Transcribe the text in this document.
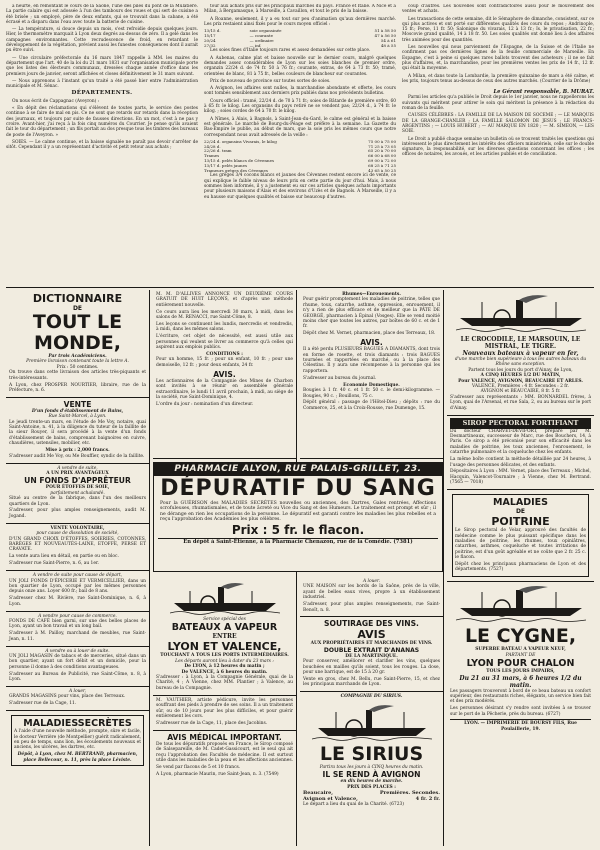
à heurté, en remontant le cours de la Saône, l'une des piles du pont de la Mulatière. La partie calaire qui est adossée à l'un des tambours des roues et qui sert de cuisine a été brisée ; un employé, père de deux enfants, qui se trouvait dans la cabane, a été écrasé et a disparu dans l'eau avec toute la batterie de cuisine.

— La température, si douce depuis un mois, s'est refroidie depuis quelques jours. Hier, le thermomètre marquait à Lyon deux degrés au-dessus de zéro. Il a gelé dans les campagnes environnantes. Cette recrudescence de froid, en retardant le développement de la végétation, prévient aussi les funestes conséquences dont il aurait pu être suivi.

— Une circulaire préfectorale du 16 mars 1847 rappelle à MM. les maires du département que l'art. 40 de la loi du 21 mars 1831 sur l'organisation municipale porte que les listes des électeurs communaux, dressées chaque année d'office dans les premiers jours de janvier, seront affichées et closes définitivement le 31 mars suivant.

— Nous apprenons à l'instant qu'un traité a été passé hier entre l'administration municipale et M. Sénac.

DÉPARTEMENTS.

On nous écrit de Cappagnac (Aveyron) :

« En dépit des réclamations qui s'élèvent de toutes parts, le service des postes continue à se faire de mal en pis. Ce ne sont que retards sur retards dans la réception des journaux, et toujours par suite de fausses directions. En un mot, c'est à ne pas y croire. Avant-hier, j'ai reçu à la fois cinq numéros du Courrier. Je pense qu'ils avaient fait le tour du département ; un fils portait au dos presque tous les timbres des bureaux de poste de l'Aveyron. »

SOIES. — Le calme continue, et la baisse signalée ne paraît pas devoir s'arrêter de sitôt. Cependant il y a un représentant d'activité et petit retour aux achats ;

tour aux achats pris sur les principaux marchés du pays. France et Italie. A Nice et à Milan, à Bergamasque, à Marseille, à Cavaillon, et tout le pris de la baisse.

A Roanne, seulement, il y a eu tout sur peu d'animation qu'aux dernières marché. Les prix restaient ainsi fixés pour le cours moyen officiel :

13/15 d.	soie organsinée	51 à 58 50
15/17	— courante	47 à 56 50
20/24	— ordinaire	54 à 61
27/32	— inf.	48 à 55

Les soies fines d'Italie toujours rares et assez demandées sur cette place.

A Aubenas, calme plat et baisse nouvelle sur le dernier cours, malgré quelques demandes assez considérables de Lyon sur les soies blanches de premier ordre, organzin 22/24 d. de 74 fr. 50 à 76 fr.; courante, extras, de 64 à 73 fr. 50; tramé, orientées de blanc, 81 à 75 fr., belles couleurs de blancheur sur courantes.

Prix de nouveau de province sur toutes sortes de soies.

A Avignon, les affaires sont nulles, la marchandise abondante et offerte, les cours sont tombés sensiblement aux derniers prix publiés dans nos précédents bulletins.

Cours officiel : tramé, 22/24 d. de 70 à 71 fr.; soies de Bâtarde de première ordre, 60 à 65 fr. le kilog. Les organsins du pays retiré ne se vendent pas; 22/24 d., à 74 fr. le kilog. ; soies cordes de 64 à 70 fr. le kilog.

A Nîmes, à Alais, à Bagnols, à Saint-Jean-du-Gard, le calme est général et la baisse est générale. Le marché de Bourg-du-Péage est préfère à la semaine. La Gazette du Bas-Empire le publie, au début de mars, que la soie pris les mêmes cours que notre correspondant nous avait adressés de la veille :

22/24 d. organsins Vivarais, le kilog	75 00 à 75 00
24/28 d.	71 25 à 73 05
22/26 d. tram	65 20 à 70 00
Trames	66 00 à 68 00
13/15 d. pelés blancs de Cévennes	69 00 à 72 00
13/17 d. pelés jaunes	68 25 à 71 25
Trameurs grèges des Cévennes	43 65 à 50 25

Les grèges 3/4 cocons blancs et jaunes des Cévennes restent encore ici de vente, ce qui explique le faible niveau de leurs prix en cette partie du jour d'hui. Mais, à nous sommes bien informés, il y a justement eu sur ces articles quelques achats importants pour plusieurs maisons d'Alais et des environs d'Uzès et de Bagnols. A Marseille, il y a eu hausse sur quelques qualités et baisse sur beaucoup d'autres.

coup d'autres. Les nouvelles sont contradictoires aussi pour le mouvement des ventes et achats.

Les transactions de cette semaine, dit le Sémaphore de dimanche, consistent, sur ce qui plus actives et ont porté sur différentes qualités des cours du repos ; Andrinople, 15 fr.; Perse, 11 fr. 50; Salonique du vivarais, 12 à 13 fr.; Is, le privatisation, 22 fr.; Moscovie grand qualité, 14 à 18 fr. 50. Les soies qualités ont donné lieu à des affaires très animées pour des quantités.

Les nouvelles qui nous parviennent de l'Espagne, de la Suisse et de l'Italie ne confirment pas ces dernières lignes de la feuille commerciale de Marseille. En Espagne, c'est à peine si quelques rares ballots trouvent des acheteurs ; il ne se fait plus d'affaires, et, la marchandise, pour les premières ventes les prix de 14 fr., 12 fr. qui était la moyenne.

A Milan, et dans toute la Lombardie, la première quinzaine de mars a été calme, et les prix, toujours tenus au-dessus de ceux des autres marchés. (Courrier de la Drôme)

Le Gérant responsable, B. MURAT.

Parmi les articles qu'a publiés le Droit depuis le 1er janvier, nous ne rappellerons les suivants qui méritent pour attirer le soin qui méritent la présence à la rédaction du roman de la feuille.

CAUSES CÉLÈBRES : LA FAMILLE DE LA MAISON DE SOCEME ; — LE MARQUIS DE LA GRANGE-CHANLER ; LA FAMILLE SALOMON DE JESUS ; LE FRANCS-ARGENTINS ; — LOUIS HUBERT ; — AU MARQUE EN 1820 ; — M. SIMEON, — LES SOIE.

Le Droit a publié chaque semaine un bulletin où se trouvent traités les questions qui intéressent le plus directement les intérêts des officiers ministériels, celle sur le double signature, la responsabilité, sur les diverses questions concernant les offices ; les offices de notaires, les avoués, et les articles publiés et de conciliation.

DICTIONNAIRE
DE
TOUT LE MONDE,
Par trois Académiciens.
Première livraison contenant toute la lettre A.
Prix : 50 centimes.

On trouve dans cette livraison des articles très-piquants et très-intéressants.

A Lyon, chez PROSPER NOURTIER, libraire, rue de la Préfecture, n. 6.

VENTE
D'un fonds d'établissement de Bains,
Rue Saint-Marcel, à Lyon.

Le jeudi trente-un mars, en l'étude de Me Voy, notaire, quai Saint-Antoine, n. 41, à la diligence du tuteur de la faillite de la sieur Rouyer, il sera procédé à la vente d'un fonds d'établissement de bains, comprenant baignoires en cuivre, chaudières, ustensiles, mobilier, etc.

Mise à prix : 2,000 francs.

S'adresser audit Me Voy, ou Me Bouffier, syndic de la faillite.

A vendre de suite,
A UN PRIX AVANTAGEUX
UN FONDS D'APPRÊTEUR
POUR ÉTOFFES DE SOIE,
parfaitement achalandé.

Situé au centre de la fabrique, dans l'un des meilleurs quartiers de Lyon.

S'adresser, pour plus amples renseignements, audit M. Jogand.

VENTE VOLONTAIRE,
pour cause de dissolution de société,

D'UN GRAND CHOIX D'ÉTOFFES, SOIERIES, COTONNES, BARÈGES ET NOUVEAUTÉS-LAINE, ETOFFE, PERSE ET CRAVATE.

La vente aura lieu en détail, en partie ou en bloc.

S'adresser rue Saint-Pierre, n. 6, au 1er.

A vendre de suite pour cause de départ,

UN JOLI FONDS D'ÉPICERIE ET VERMICELLIER, dans un bon quartier de Lyon, occupé par les mêmes personnes depuis onze ans. Loyer 600 fr.; bail de 8 ans.

S'adresser chez M. Rivière, rue Saint-Dominique, n. 6, à Lyon.

A vendre pour cause de commerce.

FONDS DE CAFÉ bien garni, sur une des belles places de Lyon, ayant un bon travail et un long bail.

S'adresser à M. Pailloy, marchand de meubles, rue Saint-Jean, n. 11.

A vendre ou à louer de suite.

UN JOLI MAGASIN de tabacs et de merceries, situé dans un bon quartier, ayant un fort débit et un domicile, pour la personne il donne à des conditions avantageuses.

S'adresser au Bureau de Publicité, rue Saint-Côme, n. 8, à Lyon.

A louer,

GRANDS MAGASINS pour vins, place des Terreaux.

S'adresser rue de la Cage, 11.

MALADIESSECRÈTES

A l'aide d'une nouvelle méthode, prompte, sûre et facile, le docteur Verrière (de Montpellier) guérit radicalement, en peu de temps, sans lion, les écoulements nouveaux et anciens, les ulcères, les dartres, etc.

Dépôt, à Lyon, chez M. BERTRAND, pharmacien, place Bellecour, n. 11, près la place Léviste.

M. M. D'ALLIVES ANNONCE UN DEUXIÈME COURS GRATUIT DE HUIT LEÇONS, et d'après une méthode entièrement nouvelle.

Ce cours aura lieu les mercredi 30 mars, à midi, dans les salons de M. RENACCI, rue Saint-Côme, 8.

Les leçons se continuent les lundis, mercredis et vendredis, à midi, dans les mêmes salons.

L'écriture, cet objet de nécessité, est aussi utile aux personnes qui veulent se livrer au commerce qu'à celles qui aspirent aux emplois publics.

CONDITIONS :

Pour un homme, 15 fr. ; pour un enfant, 10 fr. ; pour une demoiselle, 12 fr. ; pour deux enfants, 24 fr.

AVIS.

Les actionnaires de la Compagnie des Mines de Charbon sont invités à se réunir en assemblée générale extraordinaire, le lundi 11 avril prochain, à midi, au siège de la société, rue Saint-Dominique, 4.

L'ordre du jour : nomination d'un directeur.

Service spécial des
BATEAUX A VAPEUR
ENTRE
LYON ET VALENCE,
TOUCHANT A TOUS LES PORTS INTERMÉDIAIRES.
Les départs auront lieu à dater du 23 mars :
De LYON, à 12 heures du matin ;
De VALENCE, à 6 heures du matin.

S'adresser : à Lyon, à la Compagnie Générale, quai de la Charité, 4 ; A Vienne, chez MM. Plantier ; à Valence, au bureau de la Compagnie.

M. VAUTHIER, artiste pédicure, invite les personnes souffrant des pieds à prendre de ses soins. Il a un traitement sûr, ou de 10 jours pour les plus difficiles, et pour guérir entièrement les cors.

S'adresser rue de la Cage, 11, place des Jacobins.

AVIS MÉDICAL IMPORTANT.

De tous les dépuratifs proposés en France, le Sirop composé de Salsepareille, de M. Cadet-Gassicourt, est le seul qui ait reçu l'approbation des Facultés de médecine. Il est surtout utile dans les maladies de la peau et les affections anciennes.

Se vend par flacons de 5 et 10 francs.

A Lyon, pharmacie Maurin, rue Saint-Jean, n. 3. (7549)

Rhumes—Enrouements.

Pour guérir promptement les maladies de poitrine, telles que rhume, toux, catarrhe, asthme, oppression, enrouement, il n'y a rien de plus efficace et de meilleur que la PÂTE DE GEORGÉ, pharmacien à Épinal (Vosges). Elle se vend moitié moins cher que toutes les autres, par boîtes de 60 c. et de 1 fr.

Dépôt chez M. Vernet, pharmacien, place des Terreaux, 18.

AVIS.

Il a été perdu PLUSIEURS BAGUES A DIAMANTS, dont trois en forme de rosette, et trois diamants : trois BAGUES tournées et rapportées en marché, ou à la place des Célestins. Il y aura une récompense à la personne qui les rapportera.

S'adresser au bureau du journal.

Economie Domestique.

Bougies à 1 fr. 40 c. et 1 fr. 50 c. le demi-kilogramme. — Bougies, 90 c. ; Bouillons, 75 c.

Dépôt général : passage de l'Hôtel-Dieu ; dépôts : rue du Commerce, 25, et à la Croix-Rousse, rue Dumenge, 15.

A louer.

UNE MAISON sur les bords de la Saône, près de la ville, ayant de belles eaux vives, propre à un établissement industriel.

S'adresser, pour plus amples renseignements, rue Saint-Benoît, n. 8.

SOUTIRAGE DES VINS.
AVIS
AUX PROPRIÉTAIRES ET MARCHANDS DE VINS.
DOUBLE EXTRAIT D'ANANAS
DE LA MARTINIQUE.

Pour conserver, améliorer et clarifier les vins, quelques bouchées en mailles qu'ils soient, tous les rouges. La dose, pour une barrique, est de 15 à 20 gr.

Vente en gros, chez M. Bellu, rue Saint-Pierre, 15, et chez les principaux marchands de Lyon.

COMPAGNIE DU SIRIUS.
LE SIRIUS
Partira tous les jours à CINQ heures du matin.
IL SE REND À AVIGNON
en dix heures de marche.
PRIX DES PLACES :
Beaucaire,	Premières. Secondes.
Avignon et Valence,	4 fr. 2 fr.

Le départ a lieu du quai de la Charité. (6723)

LE CROCODILE, LE MARSOUIN, LE MISTRAL, LE TIGRE.
Nouveaux bateaux à vapeur en fer,
d'une marche bien supérieure à tous les autres bateaux du Rhône sans exception.
Partent tous les jours du port d'Ainay, de Lyon,
A CINQ HEURES 1/2 DU MATIN,
Pour VALENCE, AVIGNON, BEAUCAIRE ET ARLES.
VALENCE, Premières : 4 fr. Secondes : 2 fr.
AVIGNON et BEAUCAIRE, 8 fr. 5 fr.

S'adresser aux représentants : MM. BONNARDEL frères, à Lyon, quai de l'Arsenal, et rue Sala, 2, ou au bureau sur le port d'Ainay.

SIROP PECTORAL FORTIFIANT

Du docteur CHARVET-DEVIFORT, préparé par M. Desmartineaux, successeur de Marc, rue des Bouchers, 14, à Paris. Ce sirop a été préconisé pour son efficacité dans les maladies de poitrine, les toux anciennes, l'enrouement, le catarrhe pulmonaire et la coqueluche chez les enfants.

La même boîte contient la méthode détaillée par 24 heures, à l'usage des personnes délicates, et des enfants.

Dépositaires à Lyon : MM. Vernet, place des Terreaux ; Michel, Hacquin, Valencot-Tournaire ; à Vienne, chez M. Bertrand. (7565 — 7018)

MALADIES
DE
POITRINE

Le Sirop pectoral de Velar, approuvé des facultés de médecine comme le plus puissant spécifique dans les maladies de poitrine, les rhumes, toux opiniâtres, catarrhes, asthmes, coqueluche et toutes irritations de poitrine, est d'un goût agréable et ne coûte que 2 fr. 25 c. le flacon.

Dépôt chez les principaux pharmaciens de Lyon et des départements. (7527)

LE CYGNE,
SUPERBE BATEAU A VAPEUR NEUF,
PARTANT DE
LYON POUR CHALON
TOUS LES JOURS IMPAIRS,
Du 21 au 31 mars, à 6 heures 1/2 du matin.

Les passagers trouveront à bord de ce beau bateau un confort supérieur, des restaurants riches, élégants, un service bien fait et des prix modérés.

Les personnes désirant s'y rendre sont invitées à se trouver sur le port de la Pêcherie, près du bureau. (6727)

LYON. — IMPRIMERIE DE BOURSY FILS, Rue Poulaillerie, 19.
PHARMACIE ALYON, RUE PALAIS-GRILLET, 23.
DÉPURATIF DU SANG
Pour la GUÉRISON des MALADIES SECRÈTES nouvelles ou anciennes, des Dartres, Gales rentrées, Affections scrofuleuses, rhumatismales, et de toute âcreté ou Vice du Sang et des Humeurs. Le traitement est prompt et sûr ; il ne dérange en rien les occupations de la personne. Le dépuratif est garanti contre les maladies les plus rebelles et a reçu l'approbation des Académies les plus célèbres.
Prix : 5 fr. le flacon.
En dépôt à Saint-Étienne, à la Pharmacie Chenazon, rue de la Comédie. (7381)
